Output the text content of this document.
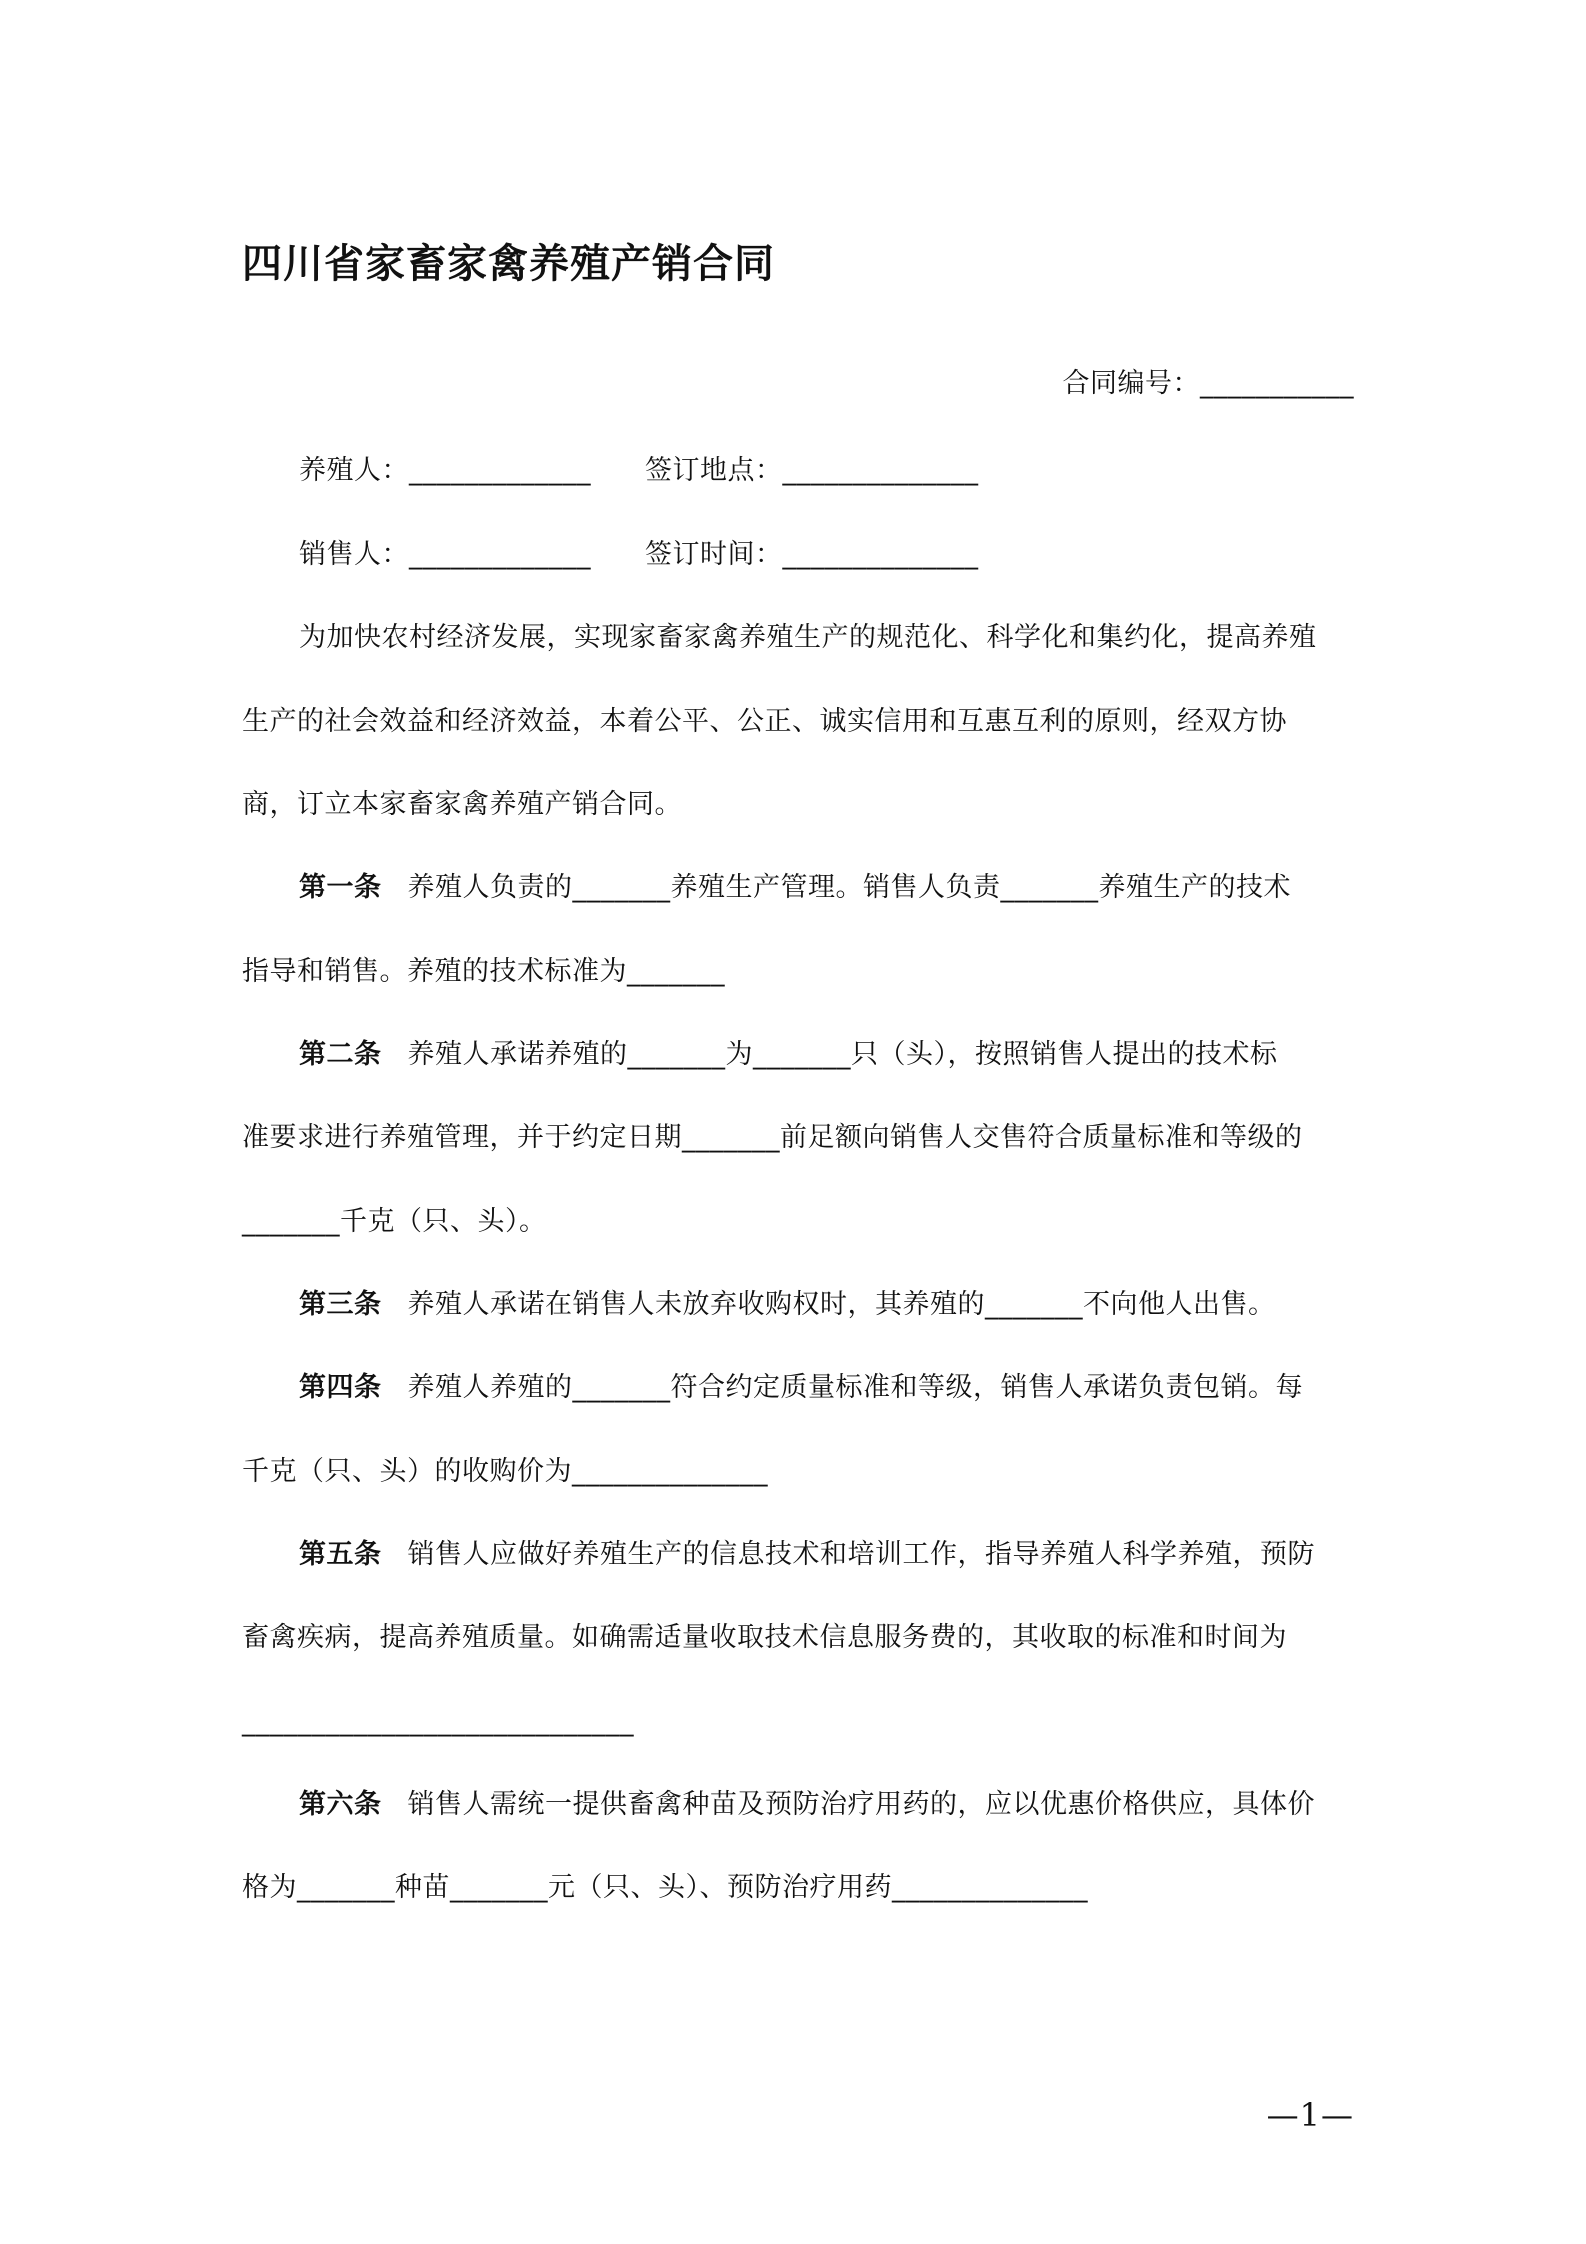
四川省家畜家禽养殖产销合同
合同编号：___________
养殖人：_____________ 签订地点：______________
销售人：_____________ 签订时间：______________
为加快农村经济发展，实现家畜家禽养殖生产的规范化、科学化和集约化，提高养殖
生产的社会效益和经济效益，本着公平、公正、诚实信用和互惠互利的原则，经双方协
商，订立本家畜家禽养殖产销合同。
第一条 养殖人负责的_______养殖生产管理。销售人负责_______养殖生产的技术
指导和销售。养殖的技术标准为_______
第二条 养殖人承诺养殖的_______为_______只（头），按照销售人提出的技术标
准要求进行养殖管理，并于约定日期_______前足额向销售人交售符合质量标准和等级的
_______千克（只、头）。
第三条 养殖人承诺在销售人未放弃收购权时，其养殖的_______不向他人出售。
第四条 养殖人养殖的_______符合约定质量标准和等级，销售人承诺负责包销。每
千克（只、头）的收购价为______________
第五条 销售人应做好养殖生产的信息技术和培训工作，指导养殖人科学养殖，预防
畜禽疾病，提高养殖质量。如确需适量收取技术信息服务费的，其收取的标准和时间为
____________________________
第六条 销售人需统一提供畜禽种苗及预防治疗用药的，应以优惠价格供应，具体价
格为_______种苗_______元（只、头）、预防治疗用药______________
—1—
